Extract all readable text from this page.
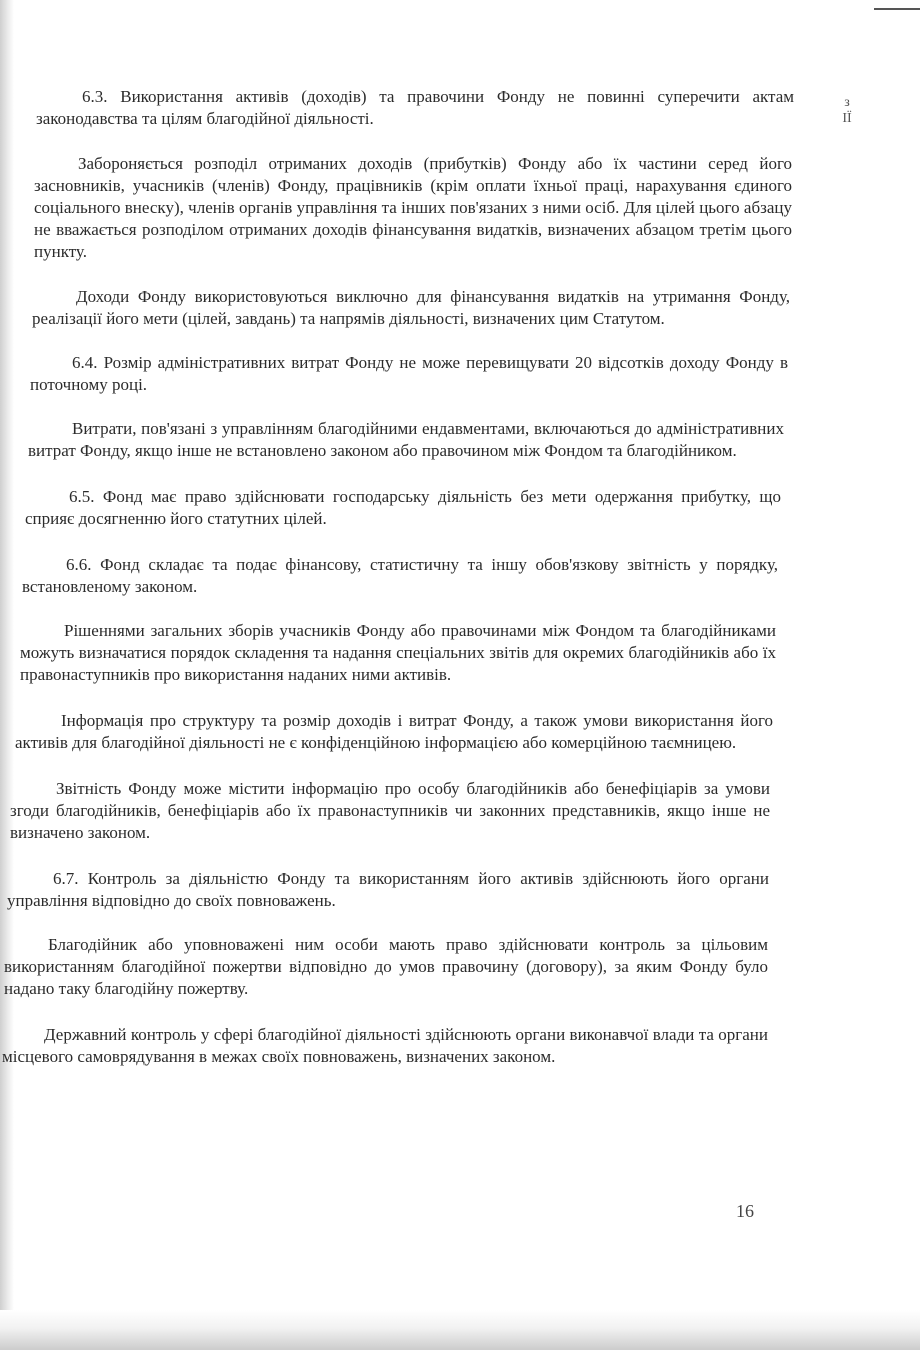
з
ІЇ

6.3. Використання активів (доходів) та правочини Фонду не повинні суперечити актам законодавства та цілям благодійної діяльності.

Забороняється розподіл отриманих доходів (прибутків) Фонду або їх частини серед його засновників, учасників (членів) Фонду, працівників (крім оплати їхньої праці, нарахування єдиного соціального внеску), членів органів управління та інших пов'язаних з ними осіб. Для цілей цього абзацу не вважається розподілом отриманих доходів фінансування видатків, визначених абзацом третім цього пункту.

Доходи Фонду використовуються виключно для фінансування видатків на утримання Фонду, реалізації його мети (цілей, завдань) та напрямів діяльності, визначених цим Статутом.

6.4. Розмір адміністративних витрат Фонду не може перевищувати 20 відсотків доходу Фонду в поточному році.

Витрати, пов'язані з управлінням благодійними ендавментами, включаються до адміністративних витрат Фонду, якщо інше не встановлено законом або правочином між Фондом та благодійником.

6.5. Фонд має право здійснювати господарську діяльність без мети одержання прибутку, що сприяє досягненню його статутних цілей.

6.6. Фонд складає та подає фінансову, статистичну та іншу обов'язкову звітність у порядку, встановленому законом.

Рішеннями загальних зборів учасників Фонду або правочинами між Фондом та благодійниками можуть визначатися порядок складення та надання спеціальних звітів для окремих благодійників або їх правонаступників про використання наданих ними активів.

Інформація про структуру та розмір доходів і витрат Фонду, а також умови використання його активів для благодійної діяльності не є конфіденційною інформацією або комерційною таємницею.

Звітність Фонду може містити інформацію про особу благодійників або бенефіціарів за умови згоди благодійників, бенефіціарів або їх правонаступників чи законних представників, якщо інше не визначено законом.

6.7. Контроль за діяльністю Фонду та використанням його активів здійснюють його органи управління відповідно до своїх повноважень.

Благодійник або уповноважені ним особи мають право здійснювати контроль за цільовим використанням благодійної пожертви відповідно до умов правочину (договору), за яким Фонду було надано таку благодійну пожертву.

Державний контроль у сфері благодійної діяльності здійснюють органи виконавчої влади та органи місцевого самоврядування в межах своїх повноважень, визначених законом.

16
